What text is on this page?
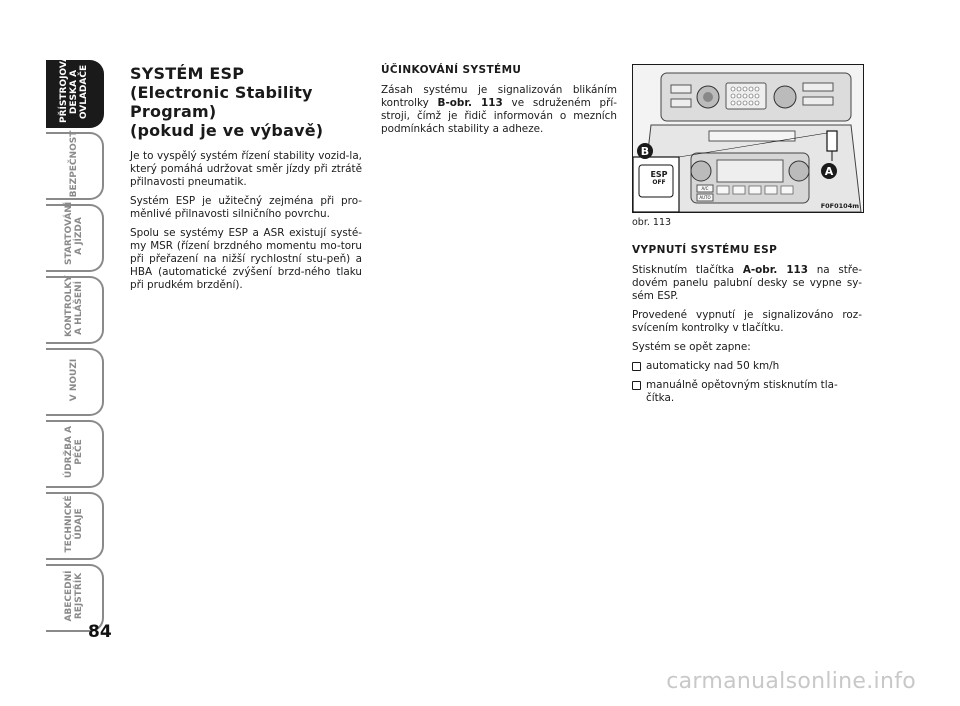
PŘÍSTROJOVÁ DESKA A OVLADAČE
BEZPEČNOST
STARTOVÁNÍ A JÍZDA
KONTROLKY A HLÁŠENÍ
V NOUZI
ÚDRŽBA A PÉČE
TECHNICKÉ ÚDAJE
ABECEDNÍ REJSTŘÍK
84
SYSTÉM ESP
(Electronic Stability
Program)
(pokud je ve výbavě)

Je to vyspělý systém řízení stability vozid-la, který pomáhá udržovat směr jízdy při ztrátě přilnavosti pneumatik.

Systém ESP je užitečný zejména při pro-měnlivé přilnavosti silničního povrchu.

Spolu se systémy ESP a ASR existují systé-my MSR (řízení brzdného momentu mo-toru při přeřazení na nižší rychlostní stu-peň) a HBA (automatické zvýšení brzd-ného tlaku při prudkém brzdění).

ÚČINKOVÁNÍ SYSTÉMU

Zásah systému je signalizován blikáním kontrolky B-obr. 113 ve sdruženém pří-stroji, čímž je řidič informován o mezních podmínkách stability a adheze.

B
A
ESP
OFF
A/C
AUTO
F0F0104m
obr. 113
VYPNUTÍ SYSTÉMU ESP

Stisknutím tlačítka A-obr. 113 na stře-dovém panelu palubní desky se vypne sy-sém ESP.

Provedené vypnutí je signalizováno roz-svícením kontrolky v tlačítku.

Systém se opět zapne:

automaticky nad 50 km/h
manuálně opětovným stisknutím tla-čítka.
carmanualsonline.info
